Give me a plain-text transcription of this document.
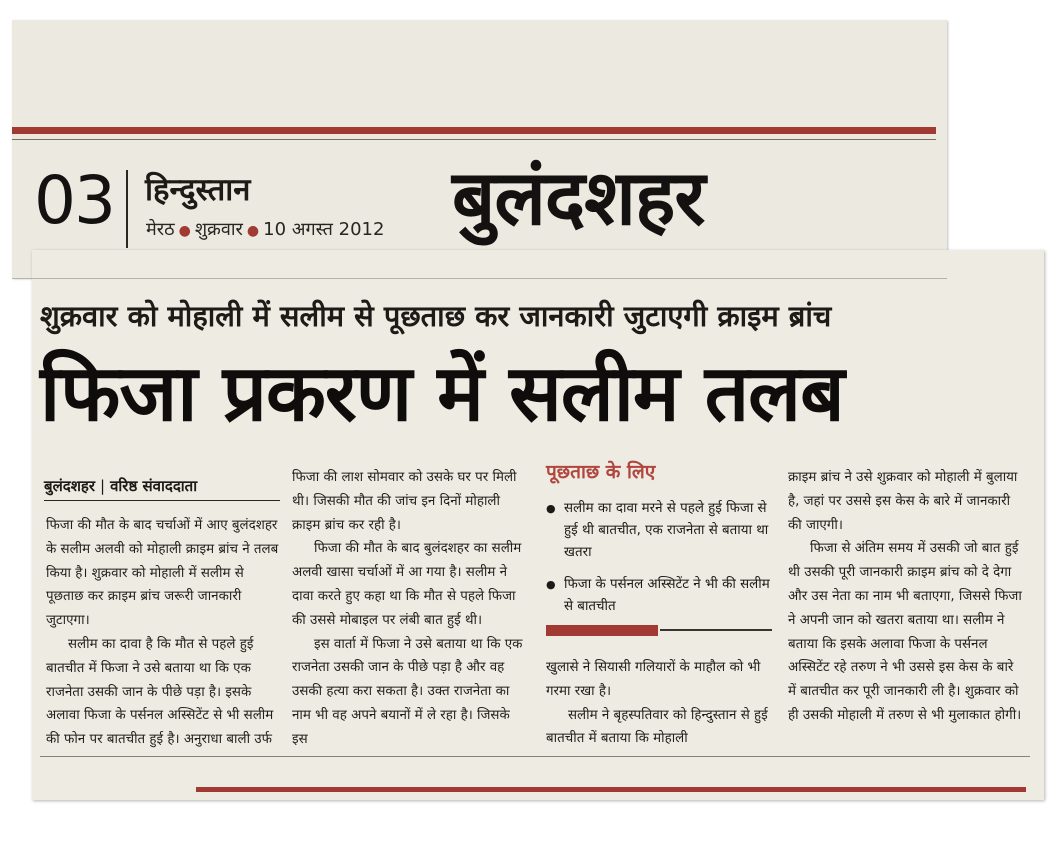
03 हिन्दुस्तान
मेरठ ● शुक्रवार ● 10 अगस्त 2012 बुलंदशहर
शुक्रवार को मोहाली में सलीम से पूछताछ कर जानकारी जुटाएगी क्राइम ब्रांच
फिजा प्रकरण में सलीम तलब
बुलंदशहर | वरिष्ठ संवाददाता

फिजा की मौत के बाद चर्चाओं में आए बुलंदशहर के सलीम अलवी को मोहाली क्राइम ब्रांच ने तलब किया है। शुक्रवार को मोहाली में सलीम से पूछताछ कर क्राइम ब्रांच जरूरी जानकारी जुटाएगा।

सलीम का दावा है कि मौत से पहले हुई बातचीत में फिजा ने उसे बताया था कि एक राजनेता उसकी जान के पीछे पड़ा है। इसके अलावा फिजा के पर्सनल अस्सिटेंट से भी सलीम की फोन पर बातचीत हुई है। अनुराधा बाली उर्फ

फिजा की लाश सोमवार को उसके घर पर मिली थी। जिसकी मौत की जांच इन दिनों मोहाली क्राइम ब्रांच कर रही है।

फिजा की मौत के बाद बुलंदशहर का सलीम अलवी खासा चर्चाओं में आ गया है। सलीम ने दावा करते हुए कहा था कि मौत से पहले फिजा की उससे मोबाइल पर लंबी बात हुई थी।

इस वार्ता में फिजा ने उसे बताया था कि एक राजनेता उसकी जान के पीछे पड़ा है और वह उसकी हत्या करा सकता है। उक्त राजनेता का नाम भी वह अपने बयानों में ले रहा है। जिसके इस

पूछताछ के लिए
● सलीम का दावा मरने से पहले हुई फिजा से हुई थी बातचीत, एक राजनेता से बताया था खतरा
● फिजा के पर्सनल अस्सिटेंट ने भी की सलीम से बातचीत

खुलासे ने सियासी गलियारों के माहौल को भी गरमा रखा है।

सलीम ने बृहस्पतिवार को हिन्दुस्तान से हुई बातचीत में बताया कि मोहाली

क्राइम ब्रांच ने उसे शुक्रवार को मोहाली में बुलाया है, जहां पर उससे इस केस के बारे में जानकारी की जाएगी।

फिजा से अंतिम समय में उसकी जो बात हुई थी उसकी पूरी जानकारी क्राइम ब्रांच को दे देगा और उस नेता का नाम भी बताएगा, जिससे फिजा ने अपनी जान को खतरा बताया था। सलीम ने बताया कि इसके अलावा फिजा के पर्सनल अस्सिटेंट रहे तरुण ने भी उससे इस केस के बारे में बातचीत कर पूरी जानकारी ली है। शुक्रवार को ही उसकी मोहाली में तरुण से भी मुलाकात होगी।
